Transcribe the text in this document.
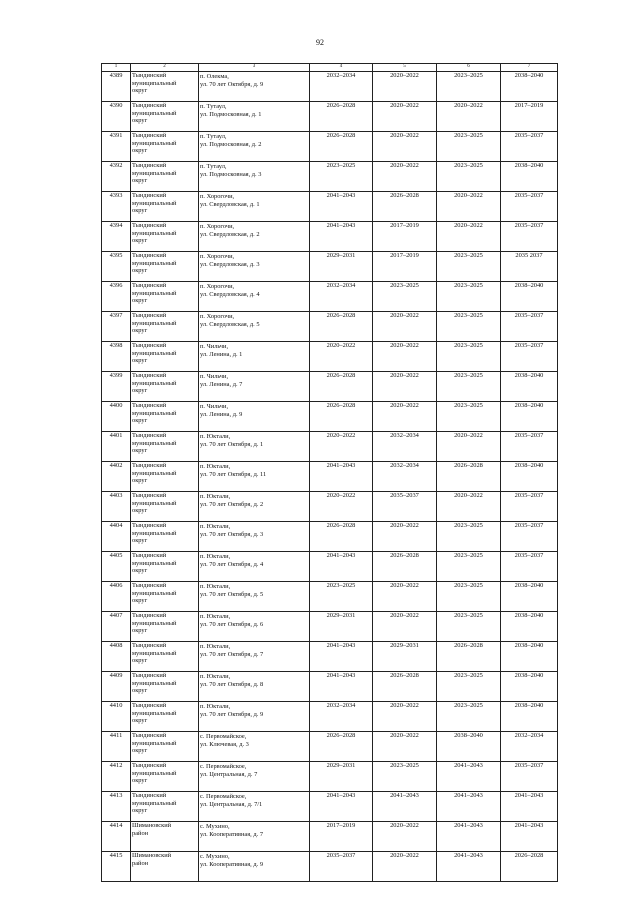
92
1	2	3	4	5	6	7
4389	Тындинский
муниципальный
округ	п. Олекма,
ул. 70 лет Октября, д. 9	2032–2034	2020–2022	2023–2025	2038–2040
4390	Тындинский
муниципальный
округ	п. Тутаул,
ул. Подмосковная, д. 1	2026–2028	2020–2022	2020–2022	2017–2019
4391	Тындинский
муниципальный
округ	п. Тутаул,
ул. Подмосковная, д. 2	2026–2028	2020–2022	2023–2025	2035–2037
4392	Тындинский
муниципальный
округ	п. Тутаул,
ул. Подмосковная, д. 3	2023–2025	2020–2022	2023–2025	2038–2040
4393	Тындинский
муниципальный
округ	п. Хорогочи,
ул. Свердловская, д. 1	2041–2043	2026–2028	2020–2022	2035–2037
4394	Тындинский
муниципальный
округ	п. Хорогочи,
ул. Свердловская, д. 2	2041–2043	2017–2019	2020–2022	2035–2037
4395	Тындинский
муниципальный
округ	п. Хорогочи,
ул. Свердловская, д. 3	2029–2031	2017–2019	2023–2025	2035 2037
4396	Тындинский
муниципальный
округ	п. Хорогочи,
ул. Свердловская, д. 4	2032–2034	2023–2025	2023–2025	2038–2040
4397	Тындинский
муниципальный
округ	п. Хорогочи,
ул. Свердловская, д. 5	2026–2028	2020–2022	2023–2025	2035–2037
4398	Тындинский
муниципальный
округ	п. Чильчи,
ул. Ленина, д. 1	2020–2022	2020–2022	2023–2025	2035–2037
4399	Тындинский
муниципальный
округ	п. Чильчи,
ул. Ленина, д. 7	2026–2028	2020–2022	2023–2025	2038–2040
4400	Тындинский
муниципальный
округ	п. Чильчи,
ул. Ленина, д. 9	2026–2028	2020–2022	2023–2025	2038–2040
4401	Тындинский
муниципальный
округ	п. Юктали,
ул. 70 лет Октября, д. 1	2020–2022	2032–2034	2020–2022	2035–2037
4402	Тындинский
муниципальный
округ	п. Юктали,
ул. 70 лет Октября, д. 11	2041–2043	2032–2034	2026–2028	2038–2040
4403	Тындинский
муниципальный
округ	п. Юктали,
ул. 70 лет Октября, д. 2	2020–2022	2035–2037	2020–2022	2035–2037
4404	Тындинский
муниципальный
округ	п. Юктали,
ул. 70 лет Октября, д. 3	2026–2028	2020–2022	2023–2025	2035–2037
4405	Тындинский
муниципальный
округ	п. Юктали,
ул. 70 лет Октября, д. 4	2041–2043	2026–2028	2023–2025	2035–2037
4406	Тындинский
муниципальный
округ	п. Юктали,
ул. 70 лет Октября, д. 5	2023–2025	2020–2022	2023–2025	2038–2040
4407	Тындинский
муниципальный
округ	п. Юктали,
ул. 70 лет Октября, д. 6	2029–2031	2020–2022	2023–2025	2038–2040
4408	Тындинский
муниципальный
округ	п. Юктали,
ул. 70 лет Октября, д. 7	2041–2043	2029–2031	2026–2028	2038–2040
4409	Тындинский
муниципальный
округ	п. Юктали,
ул. 70 лет Октября, д. 8	2041–2043	2026–2028	2023–2025	2038–2040
4410	Тындинский
муниципальный
округ	п. Юктали,
ул. 70 лет Октября, д. 9	2032–2034	2020–2022	2023–2025	2038–2040
4411	Тындинский
муниципальный
округ	с. Первомайское,
ул. Ключевая, д. 3	2026–2028	2020–2022	2038–2040	2032–2034
4412	Тындинский
муниципальный
округ	с. Первомайское,
ул. Центральная, д. 7	2029–2031	2023–2025	2041–2043	2035–2037
4413	Тындинский
муниципальный
округ	с. Первомайское,
ул. Центральная, д. 7/1	2041–2043	2041–2043	2041–2043	2041–2043
4414	Шимановский
район	с. Мухино,
ул. Кооперативная, д. 7	2017–2019	2020–2022	2041–2043	2041–2043
4415	Шимановский
район	с. Мухино,
ул. Кооперативная, д. 9	2035–2037	2020–2022	2041–2043	2026–2028
